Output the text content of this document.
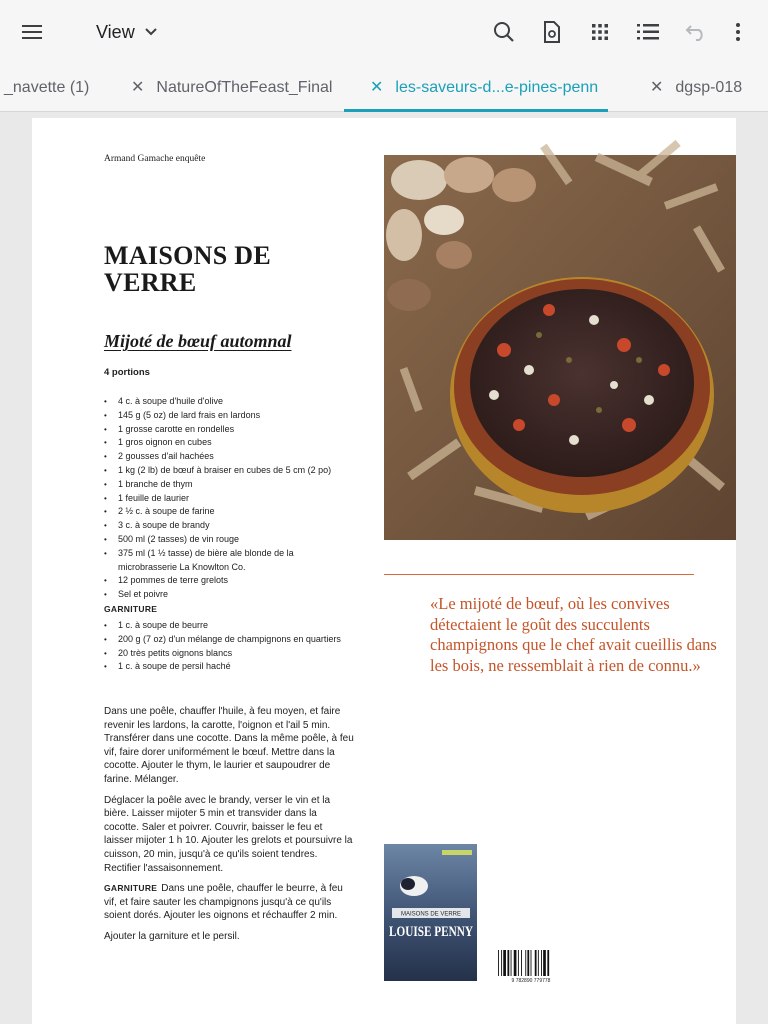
View
_navette (1)	✕ NatureOfTheFeast_Final ✕ les-saveurs-d...e-pines-penn	✕ dgsp-018
Armand Gamache enquête
MAISONS DE VERRE
Mijoté de bœuf automnal
4 portions
• 4 c. à soupe d'huile d'olive
• 145 g (5 oz) de lard frais en lardons
• 1 grosse carotte en rondelles
• 1 gros oignon en cubes
• 2 gousses d'ail hachées
• 1 kg (2 lb) de bœuf à braiser en cubes de 5 cm (2 po)
• 1 branche de thym
• 1 feuille de laurier
• 2 ½ c. à soupe de farine
• 3 c. à soupe de brandy
• 500 ml (2 tasses) de vin rouge
• 375 ml (1 ½ tasse) de bière ale blonde de la microbrasserie La Knowlton Co.
• 12 pommes de terre grelots
• Sel et poivre
GARNITURE
• 1 c. à soupe de beurre
• 200 g (7 oz) d'un mélange de champignons en quartiers
• 20 très petits oignons blancs
• 1 c. à soupe de persil haché

Dans une poêle, chauffer l'huile, à feu moyen, et faire revenir les lardons, la carotte, l'oignon et l'ail 5 min. Transférer dans une cocotte. Dans la même poêle, à feu vif, faire dorer uniformément le bœuf. Mettre dans la cocotte. Ajouter le thym, le laurier et saupoudrer de farine. Mélanger.

Déglacer la poêle avec le brandy, verser le vin et la bière. Laisser mijoter 5 min et transvider dans la cocotte. Saler et poivrer. Couvrir, baisser le feu et laisser mijoter 1 h 10. Ajouter les grelots et poursuivre la cuisson, 20 min, jusqu'à ce qu'ils soient tendres. Rectifier l'assaisonnement.

GARNITURE Dans une poêle, chauffer le beurre, à feu vif, et faire sauter les champignons jusqu'à ce qu'ils soient dorés. Ajouter les oignons et réchauffer 2 min.

Ajouter la garniture et le persil.

«Le mijoté de bœuf, où les convives détectaient le goût des succulents champignons que le chef avait cueillis dans les bois, ne ressemblait à rien de connu.»
MAISONS DE VERRE
LOUISE PENNY
9 782890 779778
